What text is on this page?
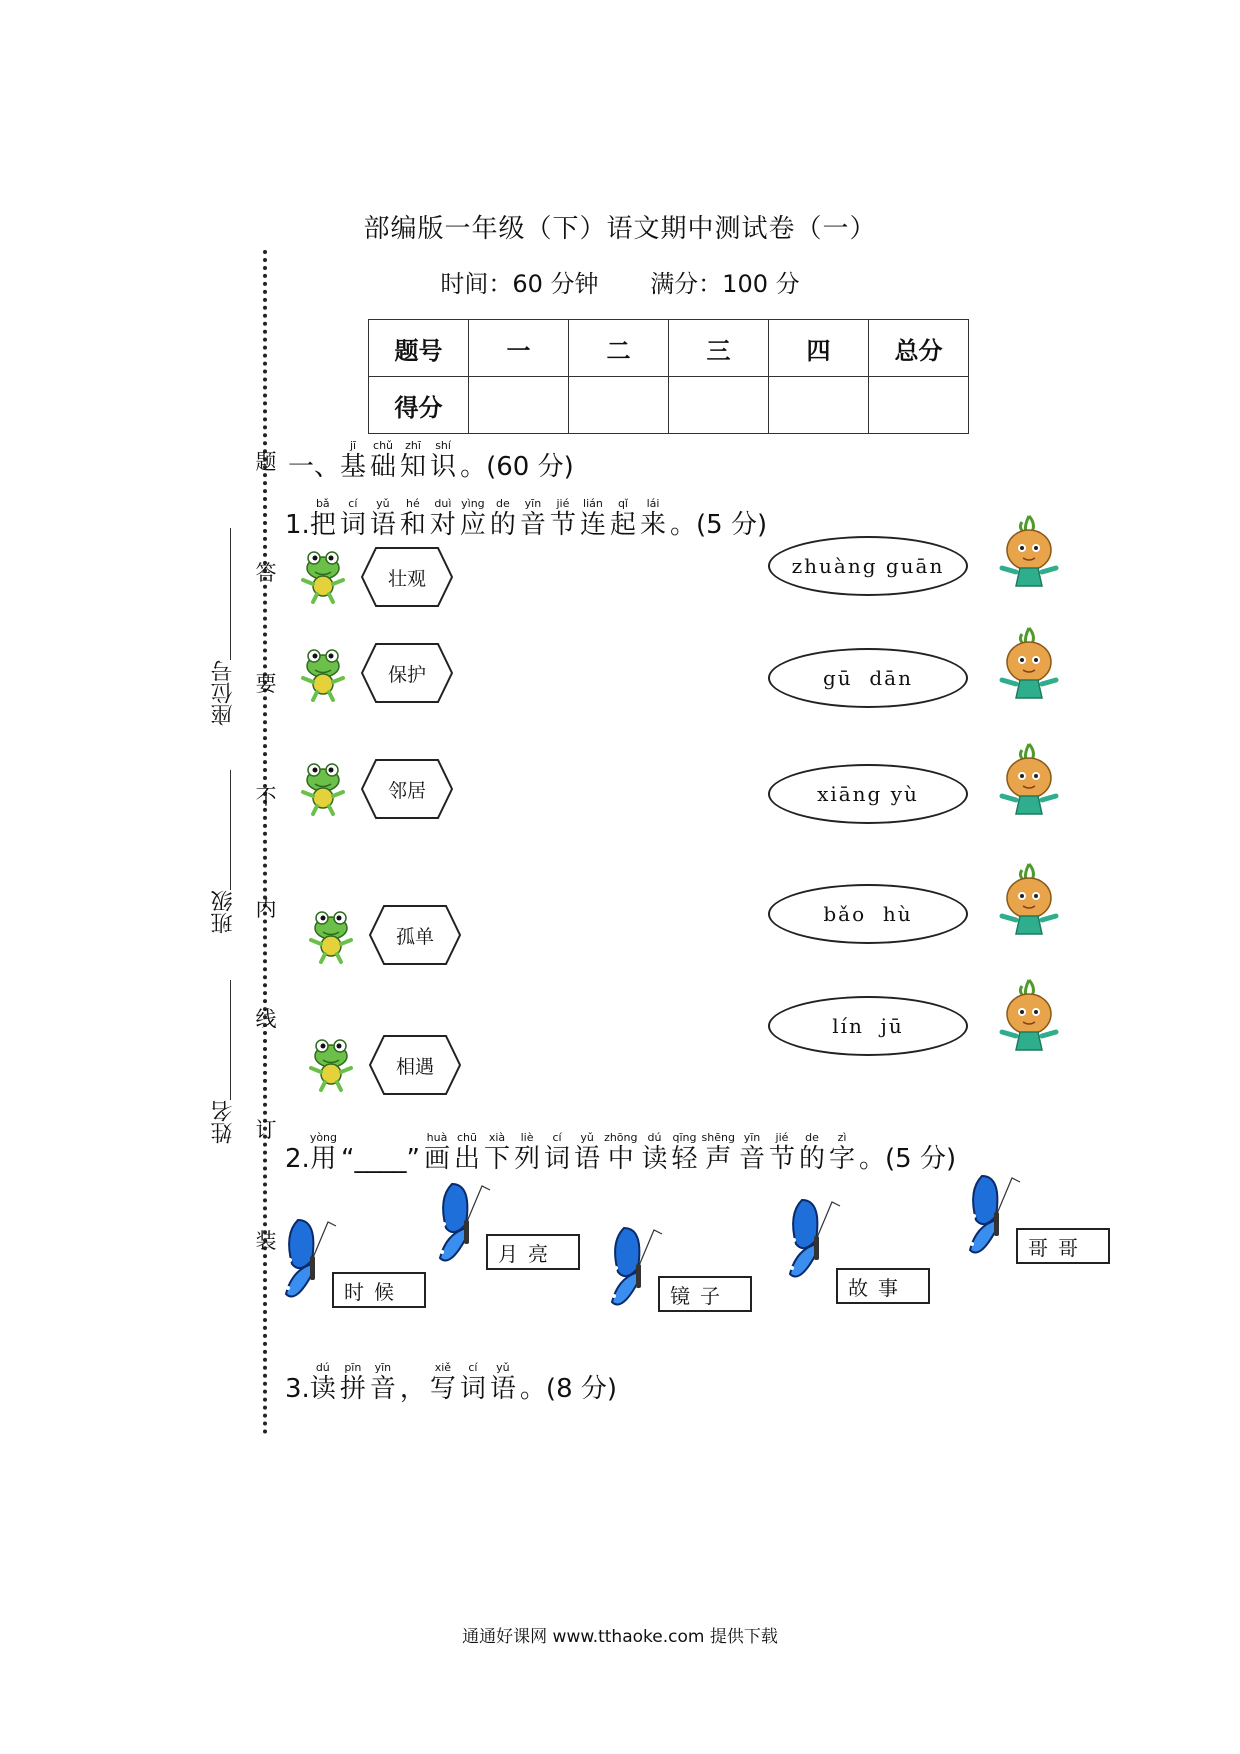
部编版一年级（下）语文期中测试卷（一）
时间：60 分钟 满分：100 分
题号	一	二	三	四	总分
得分					
题
答
要
不
内
线
订
装
座位号
班级
姓名
一、
jī
基
chǔ
础
zhī
知
shí
识 。(60 分)
1.
bǎ
把
cí
词
yǔ
语
hé
和
duì
对
yìng
应
de
的
yīn
音
jié
节
lián
连
qǐ
起
lái
来 。(5 分)
2.
yòng
用 “____”
huà
画
chū
出
xià
下
liè
列
cí
词
yǔ
语
zhōng
中
dú
读
qīng
轻
shēng
声
yīn
音
jié
节
de
的
zì
字 。(5 分)
3.
dú
读
pīn
拼
yīn
音 ，
xiě
写
cí
词
yǔ
语 。(8 分)
通通好课网 www.tthaoke.com 提供下载
壮观
保护
邻居
孤单
相遇
zhuàng guān
gū  dān
xiāng yù
bǎo  hù
lín  jū
时候
月亮
镜子	故事
哥哥
